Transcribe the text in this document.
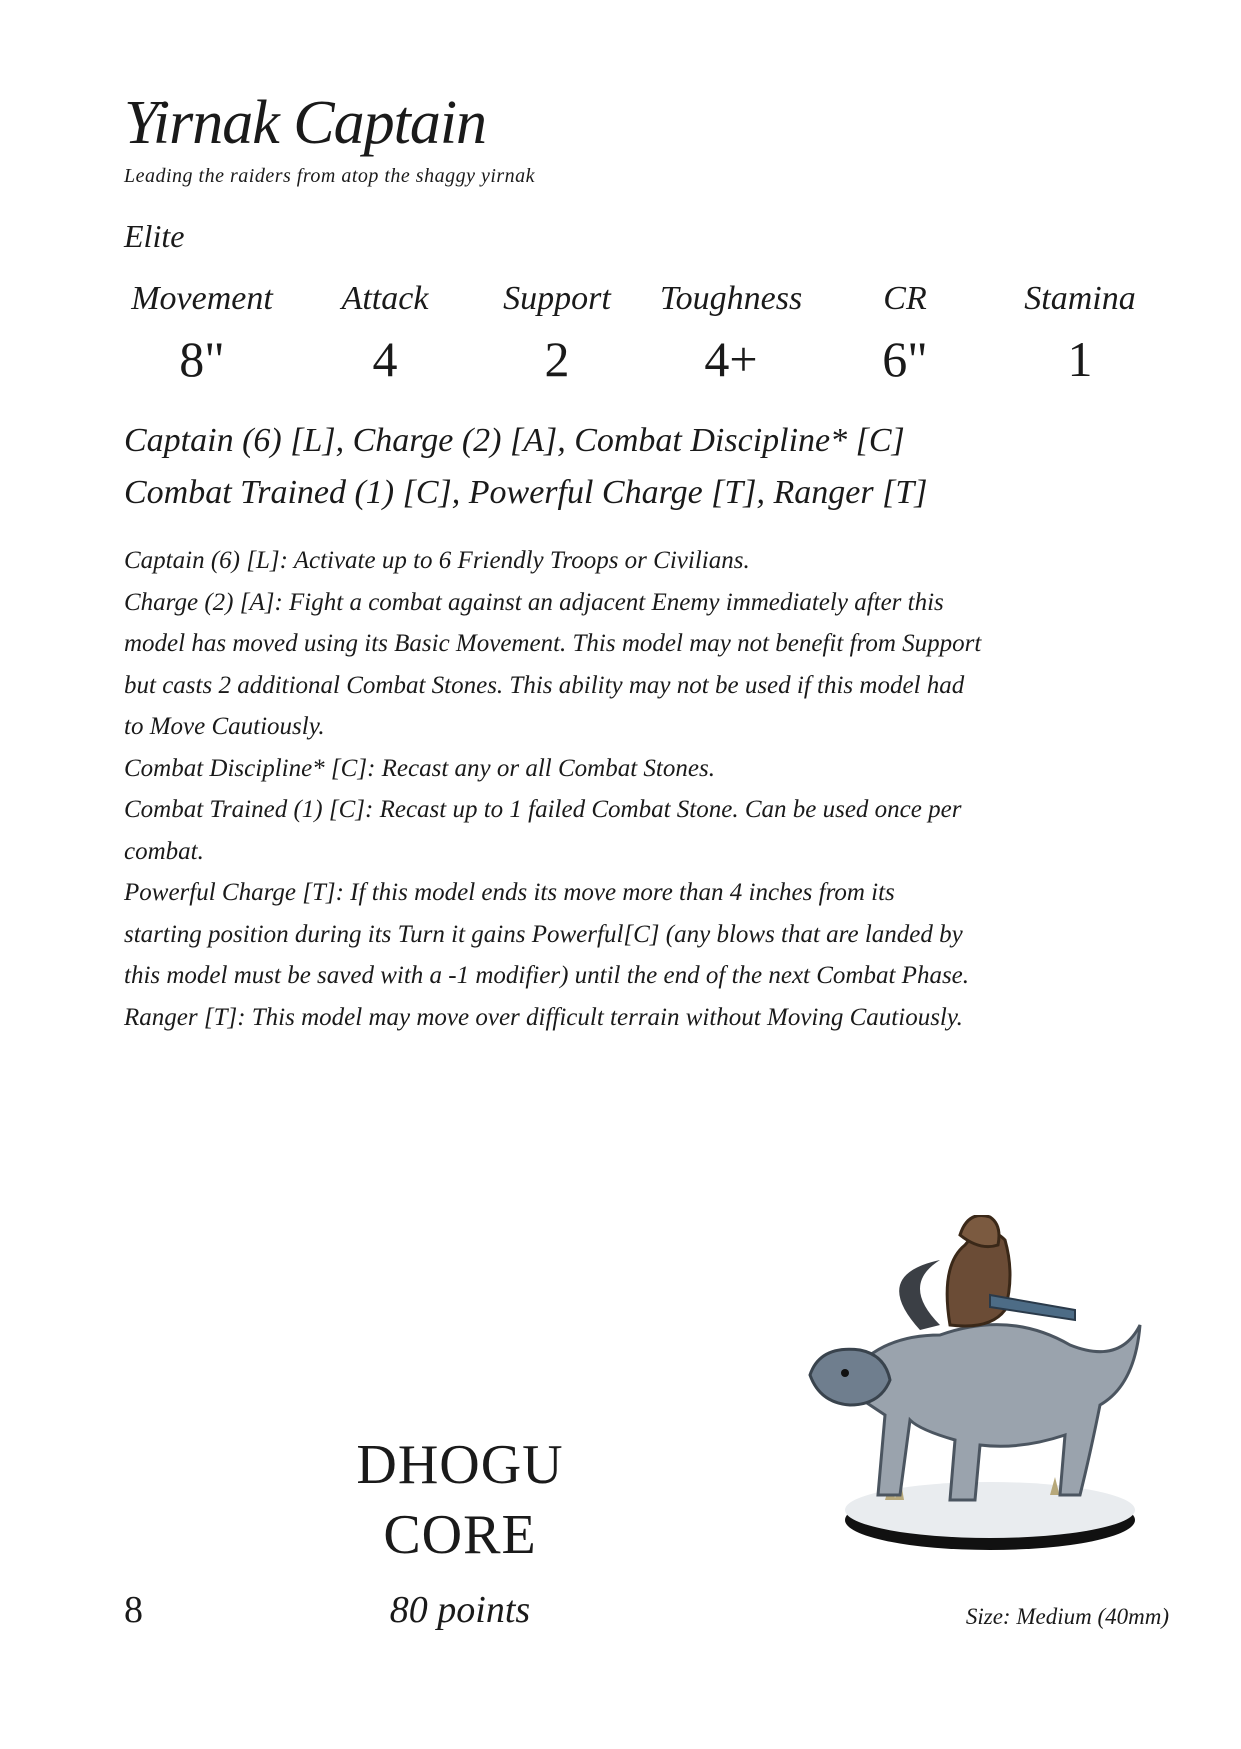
Yirnak Captain
Leading the raiders from atop the shaggy yirnak
Elite
Movement
8"
Attack
4
Support
2
Toughness
4+
CR
6"
Stamina
1
Captain (6) [L], Charge (2) [A], Combat Discipline* [C]
Combat Trained (1) [C], Powerful Charge [T], Ranger [T]
Captain (6) [L]: Activate up to 6 Friendly Troops or Civilians.
Charge (2) [A]: Fight a combat against an adjacent Enemy immediately after this
model has moved using its Basic Movement. This model may not benefit from Support
but casts 2 additional Combat Stones. This ability may not be used if this model had
to Move Cautiously.
Combat Discipline* [C]: Recast any or all Combat Stones.
Combat Trained (1) [C]: Recast up to 1 failed Combat Stone. Can be used once per
combat.
Powerful Charge [T]: If this model ends its move more than 4 inches from its
starting position during its Turn it gains Powerful[C] (any blows that are landed by
this model must be saved with a -1 modifier) until the end of the next Combat Phase.
Ranger [T]: This model may move over difficult terrain without Moving Cautiously.
DHOGU
CORE
8	80 points	Size: Medium (40mm)
